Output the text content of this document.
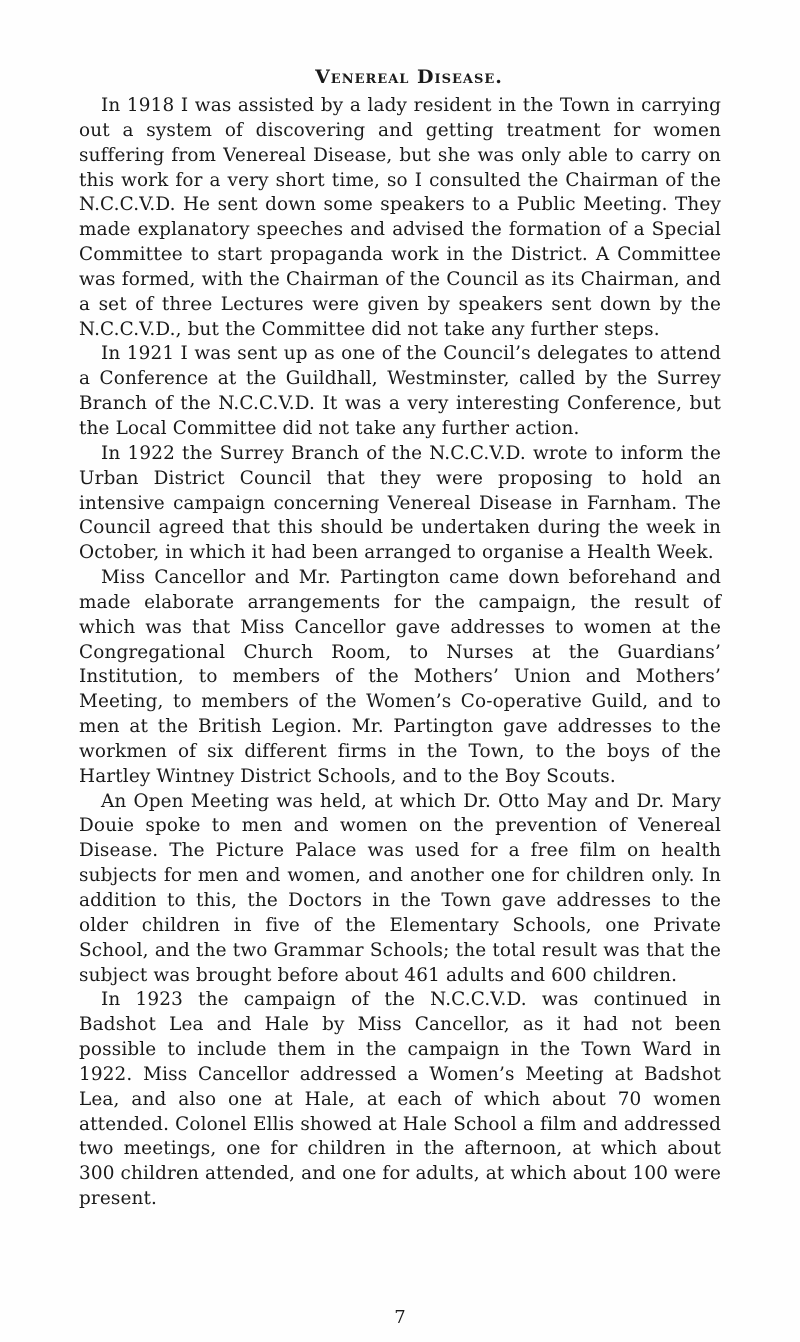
Venereal Disease.

In 1918 I was assisted by a lady resident in the Town in carrying out a system of discovering and getting treatment for women suffering from Venereal Disease, but she was only able to carry on this work for a very short time, so I consulted the Chairman of the N.C.C.V.D. He sent down some speakers to a Public Meeting. They made explanatory speeches and advised the formation of a Special Committee to start propaganda work in the District. A Committee was formed, with the Chairman of the Council as its Chairman, and a set of three Lectures were given by speakers sent down by the N.C.C.V.D., but the Committee did not take any further steps.

In 1921 I was sent up as one of the Council’s delegates to attend a Conference at the Guildhall, Westminster, called by the Surrey Branch of the N.C.C.V.D. It was a very interesting Conference, but the Local Committee did not take any further action.

In 1922 the Surrey Branch of the N.C.C.V.D. wrote to inform the Urban District Council that they were proposing to hold an intensive campaign concerning Venereal Disease in Farnham. The Council agreed that this should be undertaken during the week in October, in which it had been arranged to organise a Health Week.

Miss Cancellor and Mr. Partington came down beforehand and made elaborate arrangements for the campaign, the result of which was that Miss Cancellor gave addresses to women at the Congregational Church Room, to Nurses at the Guardians’ Institution, to members of the Mothers’ Union and Mothers’ Meeting, to members of the Women’s Co-operative Guild, and to men at the British Legion. Mr. Partington gave addresses to the workmen of six different firms in the Town, to the boys of the Hartley Wintney District Schools, and to the Boy Scouts.

An Open Meeting was held, at which Dr. Otto May and Dr. Mary Douie spoke to men and women on the prevention of Venereal Disease. The Picture Palace was used for a free film on health subjects for men and women, and another one for children only. In addition to this, the Doctors in the Town gave addresses to the older children in five of the Elementary Schools, one Private School, and the two Grammar Schools; the total result was that the subject was brought before about 461 adults and 600 children.

In 1923 the campaign of the N.C.C.V.D. was continued in Badshot Lea and Hale by Miss Cancellor, as it had not been possible to include them in the campaign in the Town Ward in 1922. Miss Cancellor addressed a Women’s Meeting at Badshot Lea, and also one at Hale, at each of which about 70 women attended. Colonel Ellis showed at Hale School a film and addressed two meetings, one for children in the afternoon, at which about 300 children attended, and one for adults, at which about 100 were present.

7
